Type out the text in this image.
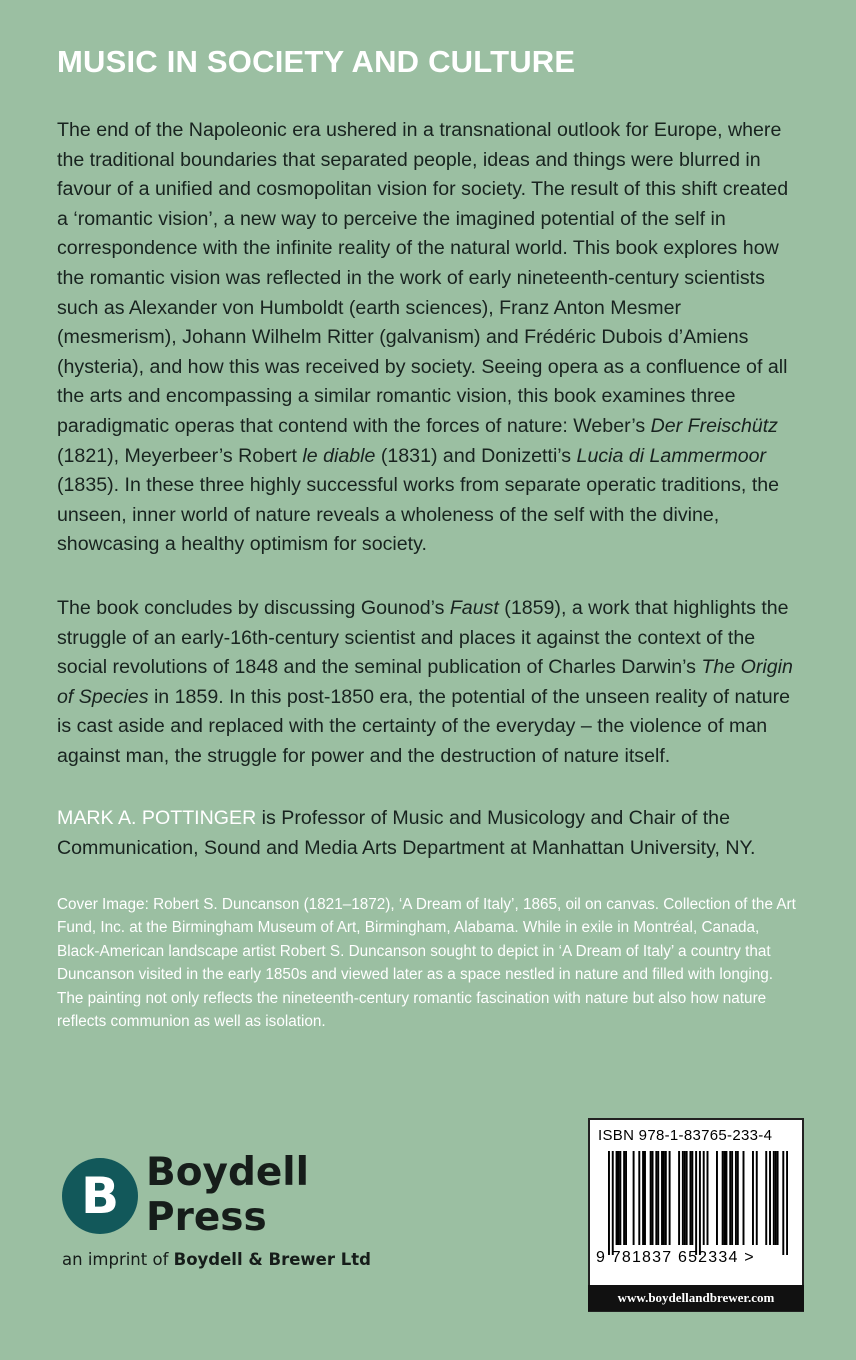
MUSIC IN SOCIETY AND CULTURE

The end of the Napoleonic era ushered in a transnational outlook for Europe, where the traditional boundaries that separated people, ideas and things were blurred in favour of a unified and cosmopolitan vision for society. The result of this shift created a ‘romantic vision’, a new way to perceive the imagined potential of the self in correspondence with the infinite reality of the natural world. This book explores how the romantic vision was reflected in the work of early nineteenth-century scientists such as Alexander von Humboldt (earth sciences), Franz Anton Mesmer (mesmerism), Johann Wilhelm Ritter (galvanism) and Frédéric Dubois d’Amiens (hysteria), and how this was received by society. Seeing opera as a confluence of all the arts and encompassing a similar romantic vision, this book examines three paradigmatic operas that contend with the forces of nature: Weber’s Der Freischütz (1821), Meyerbeer’s Robert le diable (1831) and Donizetti’s Lucia di Lammermoor (1835). In these three highly successful works from separate operatic traditions, the unseen, inner world of nature reveals a wholeness of the self with the divine, showcasing a healthy optimism for society.

The book concludes by discussing Gounod’s Faust (1859), a work that highlights the struggle of an early-16th-century scientist and places it against the context of the social revolutions of 1848 and the seminal publication of Charles Darwin’s The Origin of Species in 1859. In this post-1850 era, the potential of the unseen reality of nature is cast aside and replaced with the certainty of the everyday – the violence of man against man, the struggle for power and the destruction of nature itself.

MARK A. POTTINGER is Professor of Music and Musicology and Chair of the Communication, Sound and Media Arts Department at Manhattan University, NY.

Cover Image: Robert S. Duncanson (1821–1872), ‘A Dream of Italy’, 1865, oil on canvas. Collection of the Art Fund, Inc. at the Birmingham Museum of Art, Birmingham, Alabama. While in exile in Montréal, Canada, Black-American landscape artist Robert S. Duncanson sought to depict in ‘A Dream of Italy’ a country that Duncanson visited in the early 1850s and viewed later as a space nestled in nature and filled with longing. The painting not only reflects the nineteenth-century romantic fascination with nature but also how nature reflects communion as well as isolation.

B Boydell
Press
an imprint of Boydell & Brewer Ltd
ISBN 978-1-83765-233-4
9 781837 652334 >
www.boydellandbrewer.com
